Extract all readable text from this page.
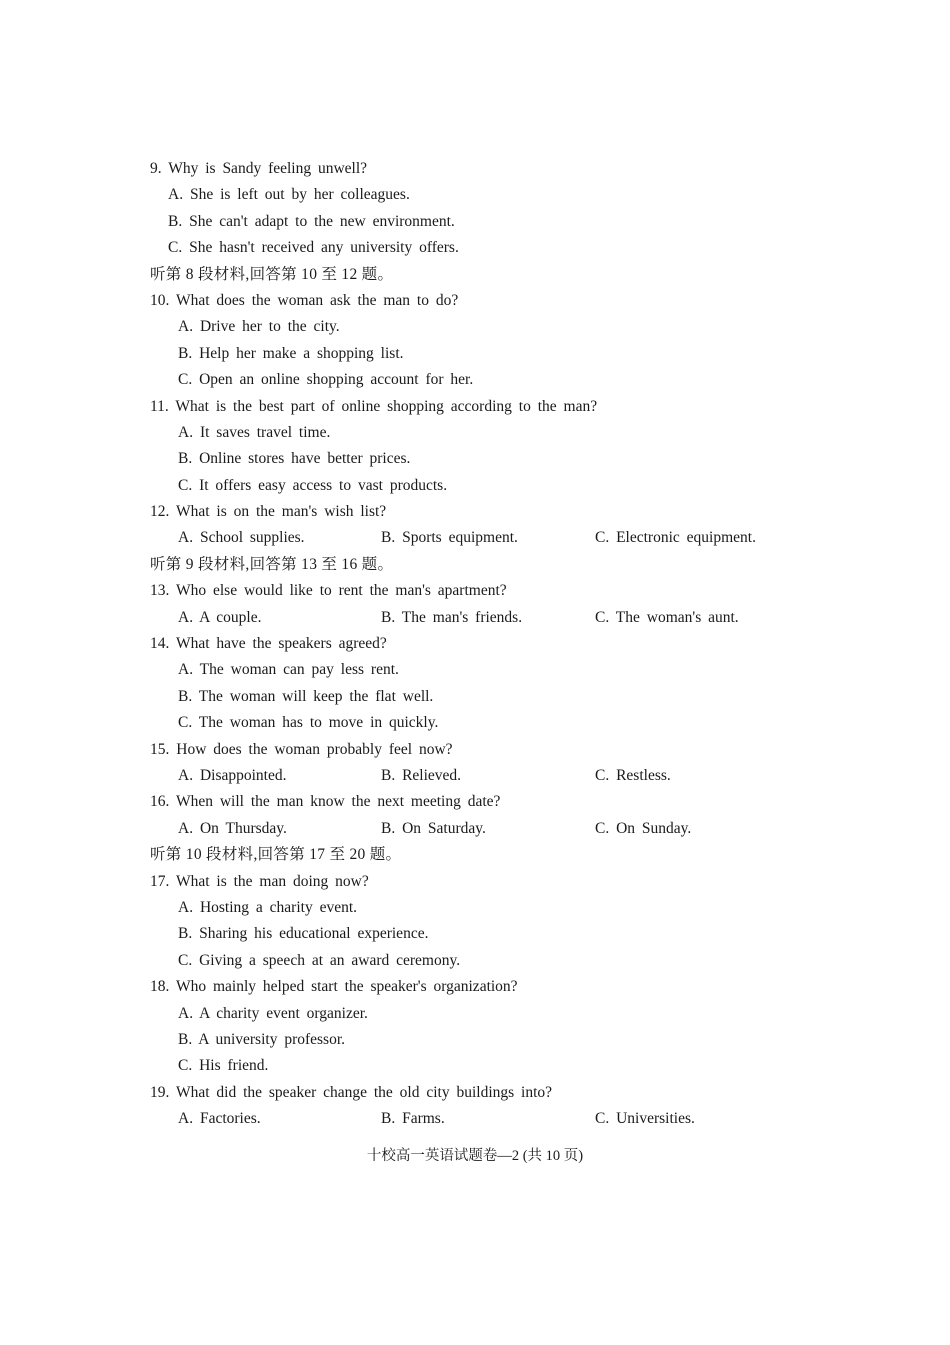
9. Why is Sandy feeling unwell?
A. She is left out by her colleagues.
B. She can't adapt to the new environment.
C. She hasn't received any university offers.
听第 8 段材料,回答第 10 至 12 题。
10. What does the woman ask the man to do?
A. Drive her to the city.
B. Help her make a shopping list.
C. Open an online shopping account for her.
11. What is the best part of online shopping according to the man?
A. It saves travel time.
B. Online stores have better prices.
C. It offers easy access to vast products.
12. What is on the man's wish list?
A. School supplies.	B. Sports equipment.	C. Electronic equipment.
听第 9 段材料,回答第 13 至 16 题。
13. Who else would like to rent the man's apartment?
A. A couple.	B. The man's friends.	C. The woman's aunt.
14. What have the speakers agreed?
A. The woman can pay less rent.
B. The woman will keep the flat well.
C. The woman has to move in quickly.
15. How does the woman probably feel now?
A. Disappointed.	B. Relieved.	C. Restless.
16. When will the man know the next meeting date?
A. On Thursday.	B. On Saturday.	C. On Sunday.
听第 10 段材料,回答第 17 至 20 题。
17. What is the man doing now?
A. Hosting a charity event.
B. Sharing his educational experience.
C. Giving a speech at an award ceremony.
18. Who mainly helped start the speaker's organization?
A. A charity event organizer.
B. A university professor.
C. His friend.
19. What did the speaker change the old city buildings into?
A. Factories.	B. Farms.	C. Universities.
十校高一英语试题卷—2 (共 10 页)
